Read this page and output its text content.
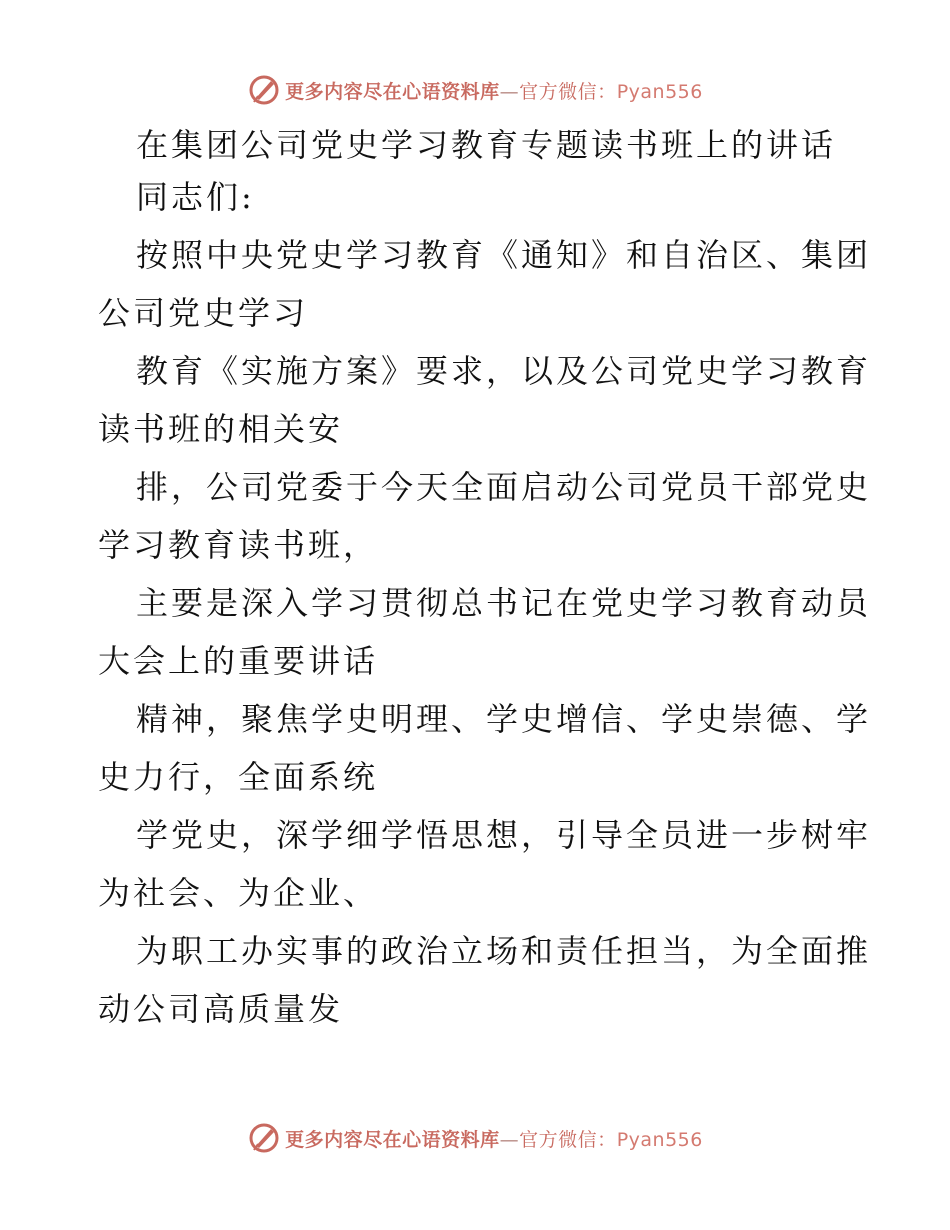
更多内容尽在心语资料库—官方微信：Pyan556
在集团公司党史学习教育专题读书班上的讲话
同志们:
按照中央党史学习教育《通知》和自治区、集团
公司党史学习
教育《实施方案》要求，以及公司党史学习教育
读书班的相关安
排，公司党委于今天全面启动公司党员干部党史
学习教育读书班，
主要是深入学习贯彻总书记在党史学习教育动员
大会上的重要讲话
精神，聚焦学史明理、学史增信、学史崇德、学
史力行，全面系统
学党史，深学细学悟思想，引导全员进一步树牢
为社会、为企业、
为职工办实事的政治立场和责任担当，为全面推
动公司高质量发
更多内容尽在心语资料库—官方微信：Pyan556
